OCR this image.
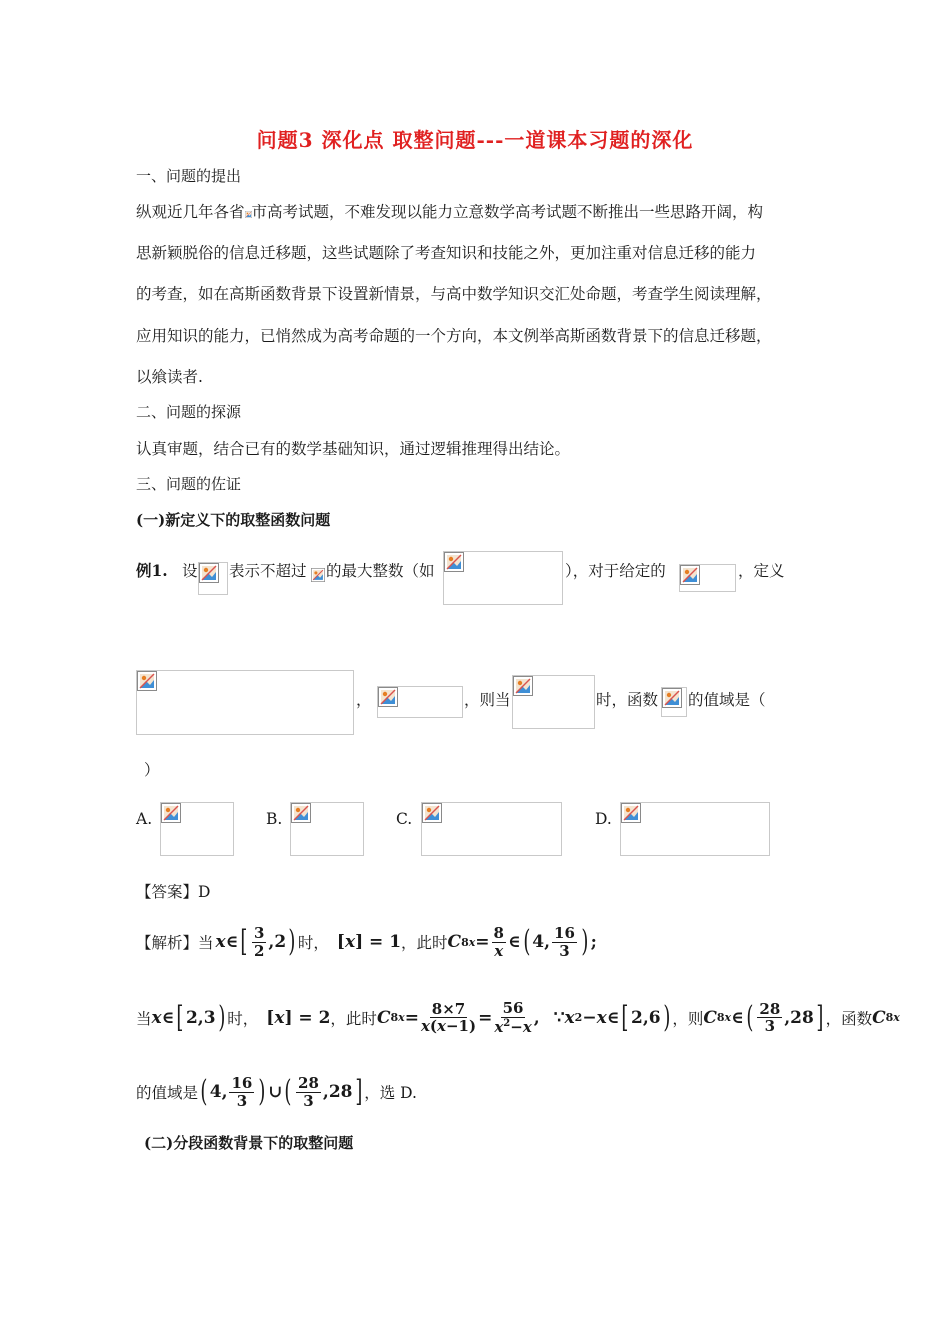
问题3 深化点 取整问题---一道课本习题的深化
一、问题的提出
纵观近几年各省 市高考试题，不难发现以能力立意数学高考试题不断推出一些思路开阔，构
思新颖脱俗的信息迁移题，这些试题除了考查知识和技能之外，更加注重对信息迁移的能力
的考查，如在高斯函数背景下设置新情景，与高中数学知识交汇处命题，考查学生阅读理解，
应用知识的能力，已悄然成为高考命题的一个方向，本文例举高斯函数背景下的信息迁移题，
以飨读者.
二、问题的探源
认真审题，结合已有的数学基础知识，通过逻辑推理得出结论。
三、问题的佐证
(一)新定义下的取整函数问题
例1. 设 表示不超过 的最大整数（如	），对于给定的	，定义
，	，则当	时，函数 的值域是（
）
A.	B.	C.	D.
【答案】D
【解析】当 x ∈ [ $\frac{3}{2} ,2$ ) 时， [ x ] = 1 ，此时 C 8 $x = \frac{8}{x}$ ∈ ( 4, $\frac{16}{3}$ ) ;
当 x ∈ [ 2,3 ) 时， [ x ] = 2 ，此时 C 8 $x = \frac{8\times 7}{x(x-1)} = \frac{56}{x^2-x}$ , ∵ x 2 − x ∈ [ 2,6 ) ，则 C 8 x ∈ ( $\frac{28}{3} ,28$ ] ，函数 C 8 x
的值域是 ( 4, $\frac{16}{3}$ ) ∪ ( $\frac{28}{3} ,28$ ] ，选 D.
(二)分段函数背景下的取整问题
